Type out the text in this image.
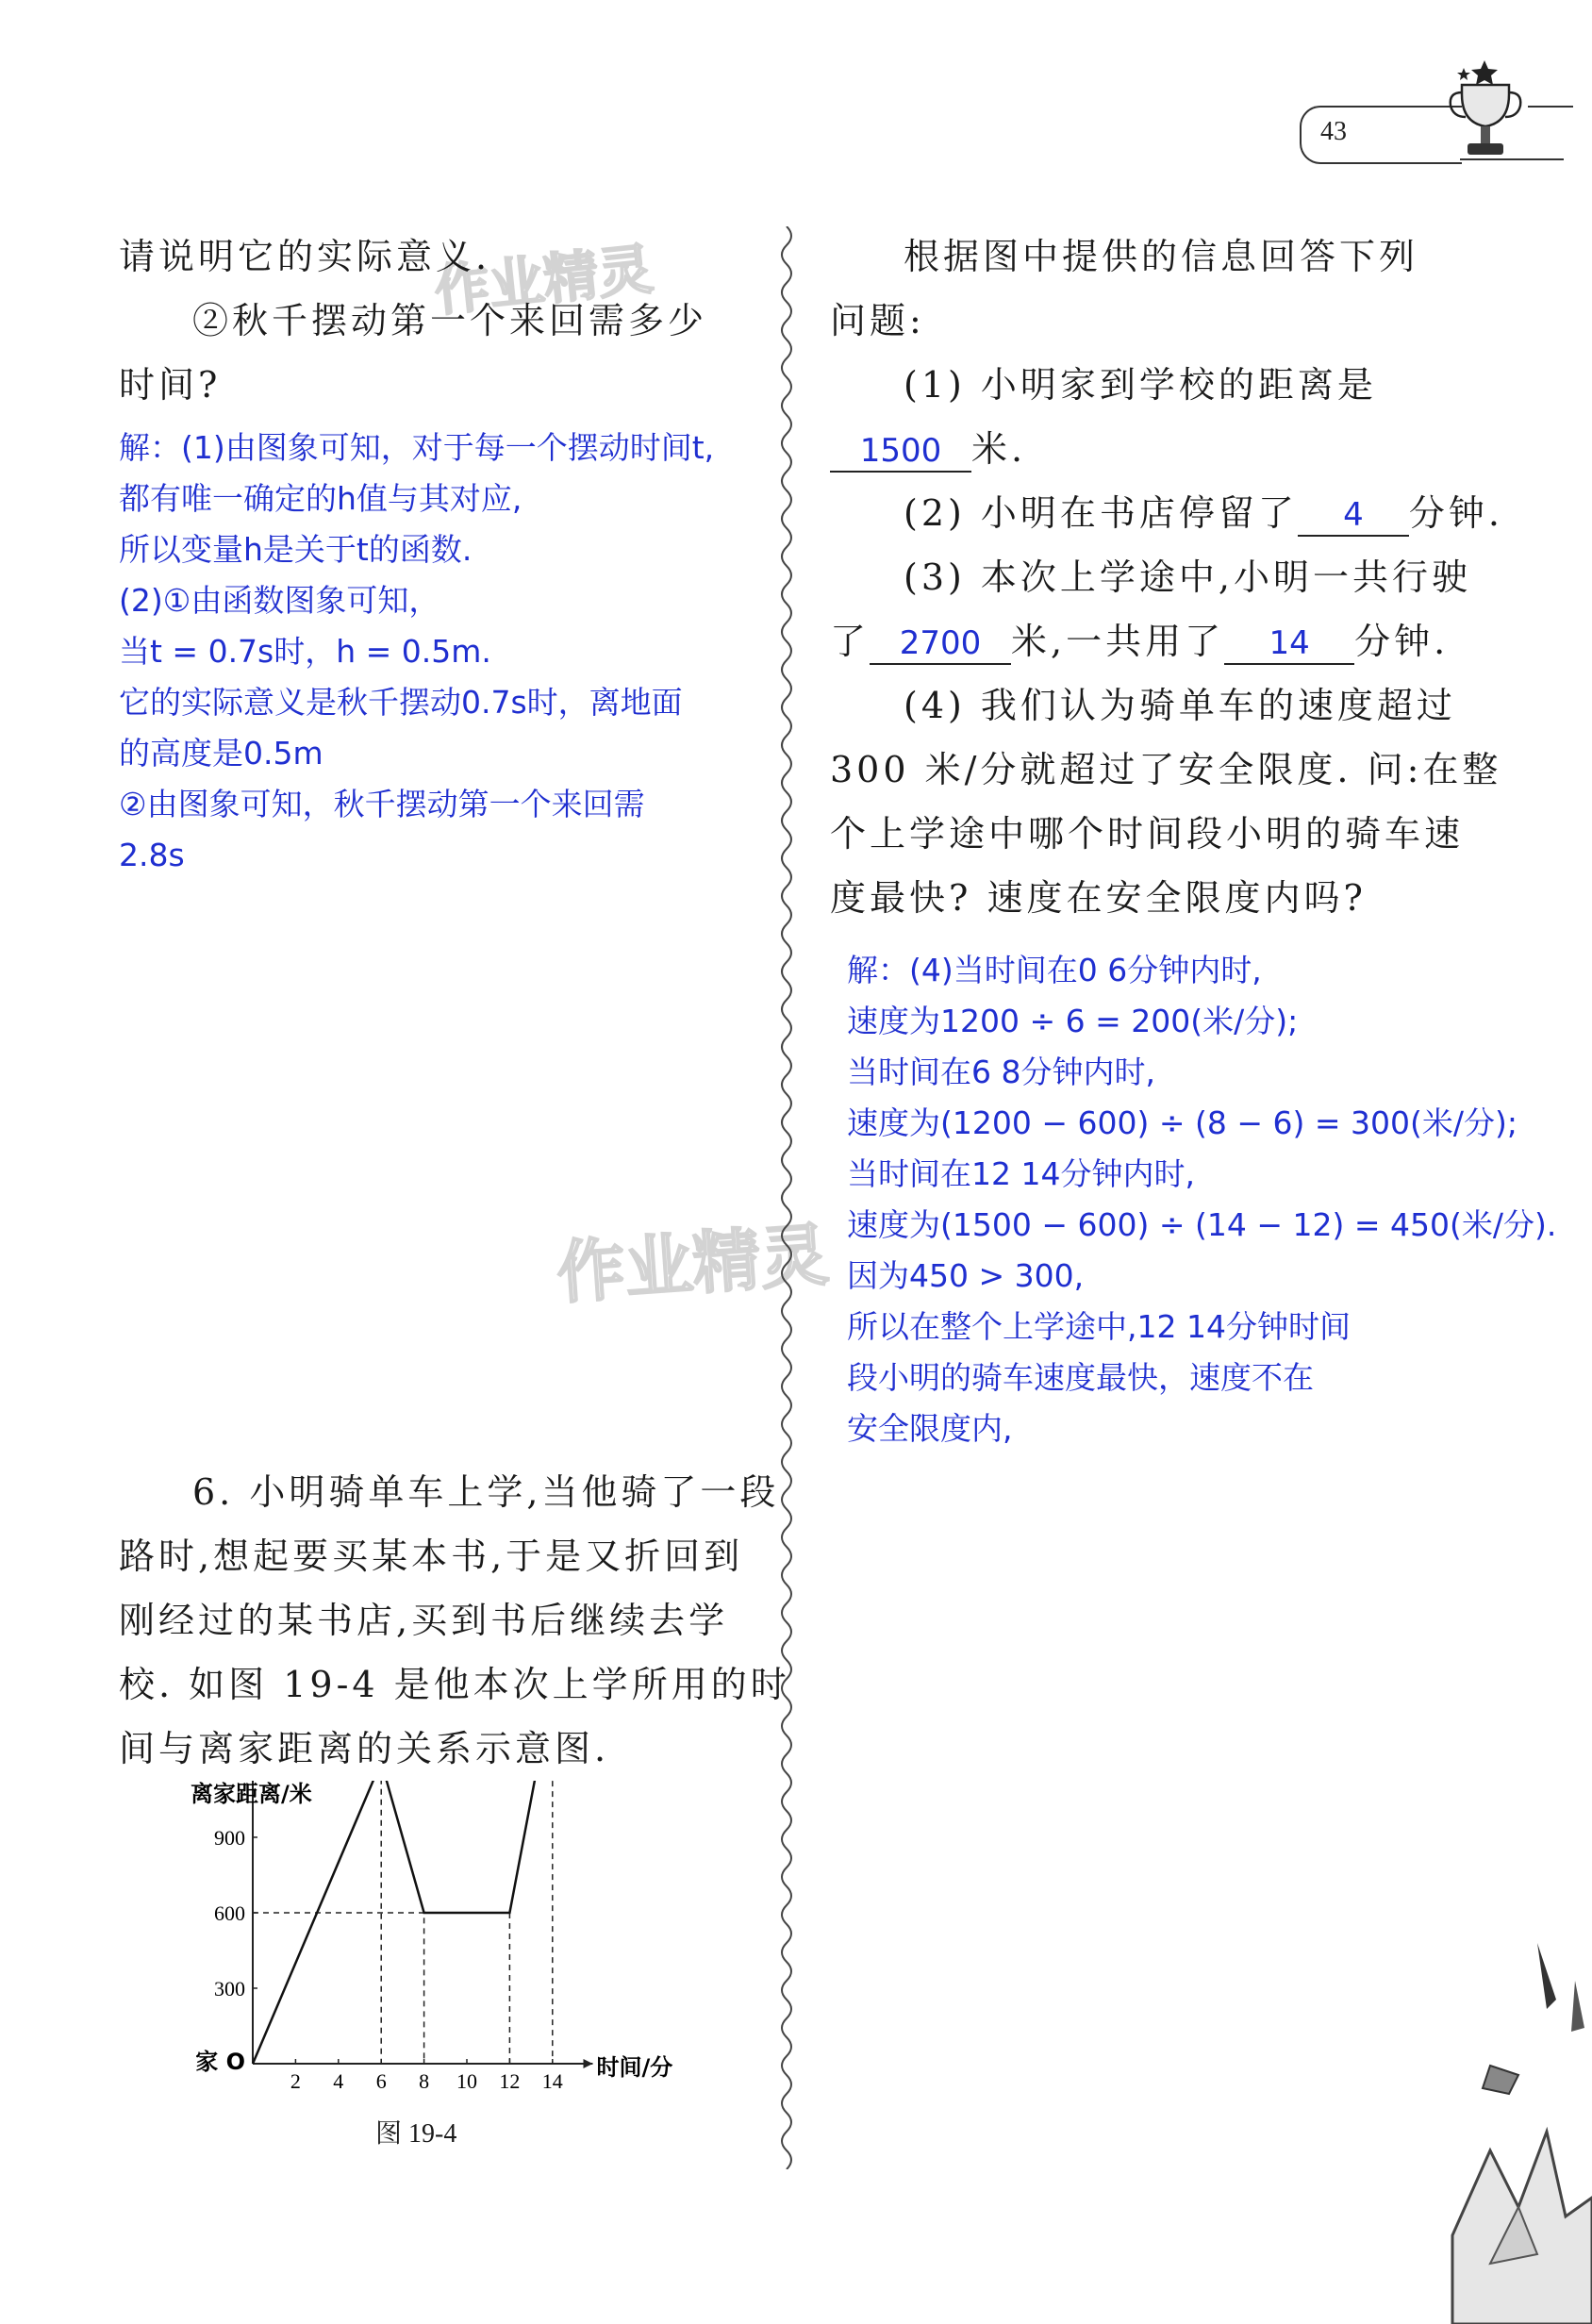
43
作业精灵
作业精灵
请说明它的实际意义.
②秋千摆动第一个来回需多少
时间?
解：(1)由图象可知，对于每一个摆动时间t,
都有唯一确定的h值与其对应,
所以变量h是关于t的函数.
(2)①由函数图象可知，
当t = 0.7s时，h = 0.5m.
它的实际意义是秋千摆动0.7s时，离地面
的高度是0.5m
②由图象可知，秋千摆动第一个来回需
2.8s
6. 小明骑单车上学,当他骑了一段
路时,想起要买某本书,于是又折回到
刚经过的某书店,买到书后继续去学
校. 如图 19-4 是他本次上学所用的时
间与离家距离的关系示意图.
2 4 6 8 10 12 14
300
600
900
离家距离/米
时间/分
家 O
图 19-4
根据图中提供的信息回答下列
问题:
(1) 小明家到学校的距离是
1500 米.
(2) 小明在书店停留了 4 分钟.
(3) 本次上学途中,小明一共行驶
了 2700 米,一共用了 14 分钟.
(4) 我们认为骑单车的速度超过
300 米/分就超过了安全限度. 问:在整
个上学途中哪个时间段小明的骑车速
度最快? 速度在安全限度内吗?
解：(4)当时间在0 6分钟内时,
速度为1200 ÷ 6 = 200(米/分);
当时间在6 8分钟内时,
速度为(1200 − 600) ÷ (8 − 6) = 300(米/分);
当时间在12 14分钟内时,
速度为(1500 − 600) ÷ (14 − 12) = 450(米/分).
因为450 > 300,
所以在整个上学途中,12 14分钟时间
段小明的骑车速度最快，速度不在
安全限度内,
